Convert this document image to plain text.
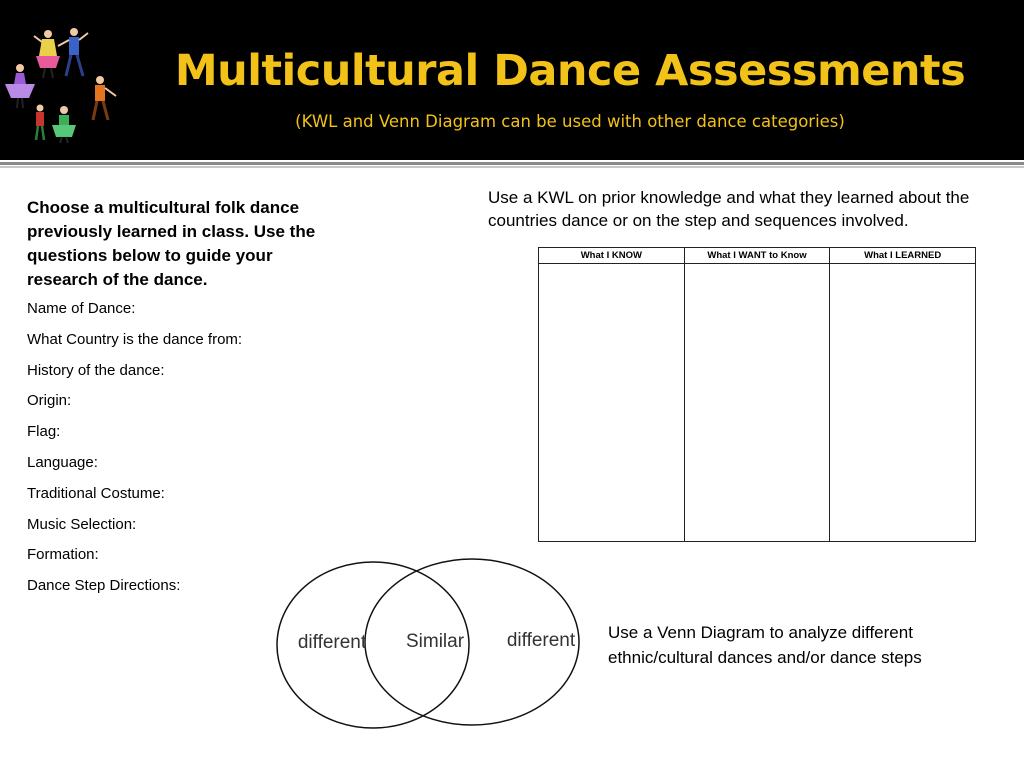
Multicultural Dance Assessments
(KWL and Venn Diagram can be used with other dance categories)

Choose a multicultural folk dance previously learned in class. Use the questions below to guide your research of the dance.

Name of Dance:
What Country is the dance from:
History of the dance:
Origin:
Flag:
Language:
Traditional Costume:
Music Selection:
Formation:
Dance Step Directions:
Use a KWL on prior knowledge and what they learned about the countries dance or on the step and sequences involved.
What I KNOW	What I WANT to Know	What I LEARNED

different Similar different Use a Venn Diagram to analyze different ethnic/cultural dances and/or dance steps
